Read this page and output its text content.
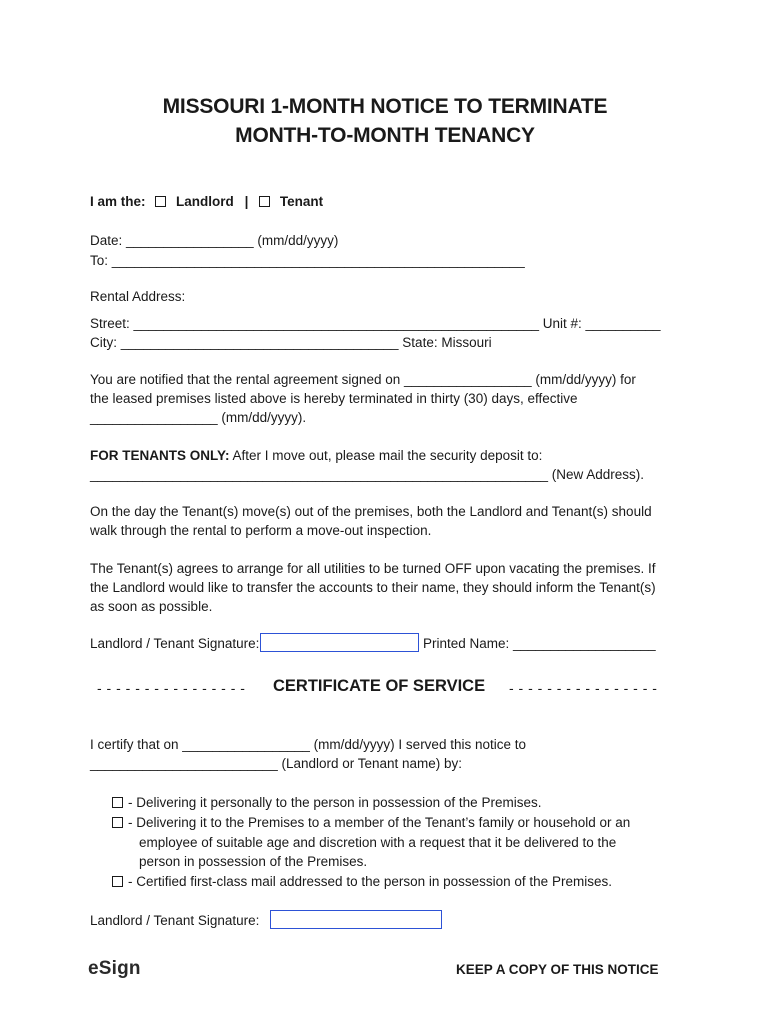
MISSOURI 1-MONTH NOTICE TO TERMINATE
MONTH-TO-MONTH TENANCY
I am the: Landlord | Tenant
Date: _________________ (mm/dd/yyyy)
To: _______________________________________________________
Rental Address:
Street: ______________________________________________________ Unit #: __________
City: _____________________________________ State: Missouri
You are notified that the rental agreement signed on _________________ (mm/dd/yyyy) for
the leased premises listed above is hereby terminated in thirty (30) days, effective
_________________ (mm/dd/yyyy).
FOR TENANTS ONLY: After I move out, please mail the security deposit to:
_____________________________________________________________ (New Address).
On the day the Tenant(s) move(s) out of the premises, both the Landlord and Tenant(s) should
walk through the rental to perform a move-out inspection.
The Tenant(s) agrees to arrange for all utilities to be turned OFF upon vacating the premises. If
the Landlord would like to transfer the accounts to their name, they should inform the Tenant(s)
as soon as possible.
Landlord / Tenant Signature:	Printed Name: ___________________
- - - - - - - - - - - - - - - - CERTIFICATE OF SERVICE - - - - - - - - - - - - - - - -
I certify that on _________________ (mm/dd/yyyy) I served this notice to
_________________________ (Landlord or Tenant name) by:
- Delivering it personally to the person in possession of the Premises.
- Delivering it to the Premises to a member of the Tenant’s family or household or an
employee of suitable age and discretion with a request that it be delivered to the
person in possession of the Premises.
- Certified first-class mail addressed to the person in possession of the Premises.
Landlord / Tenant Signature:
eSign	KEEP A COPY OF THIS NOTICE
